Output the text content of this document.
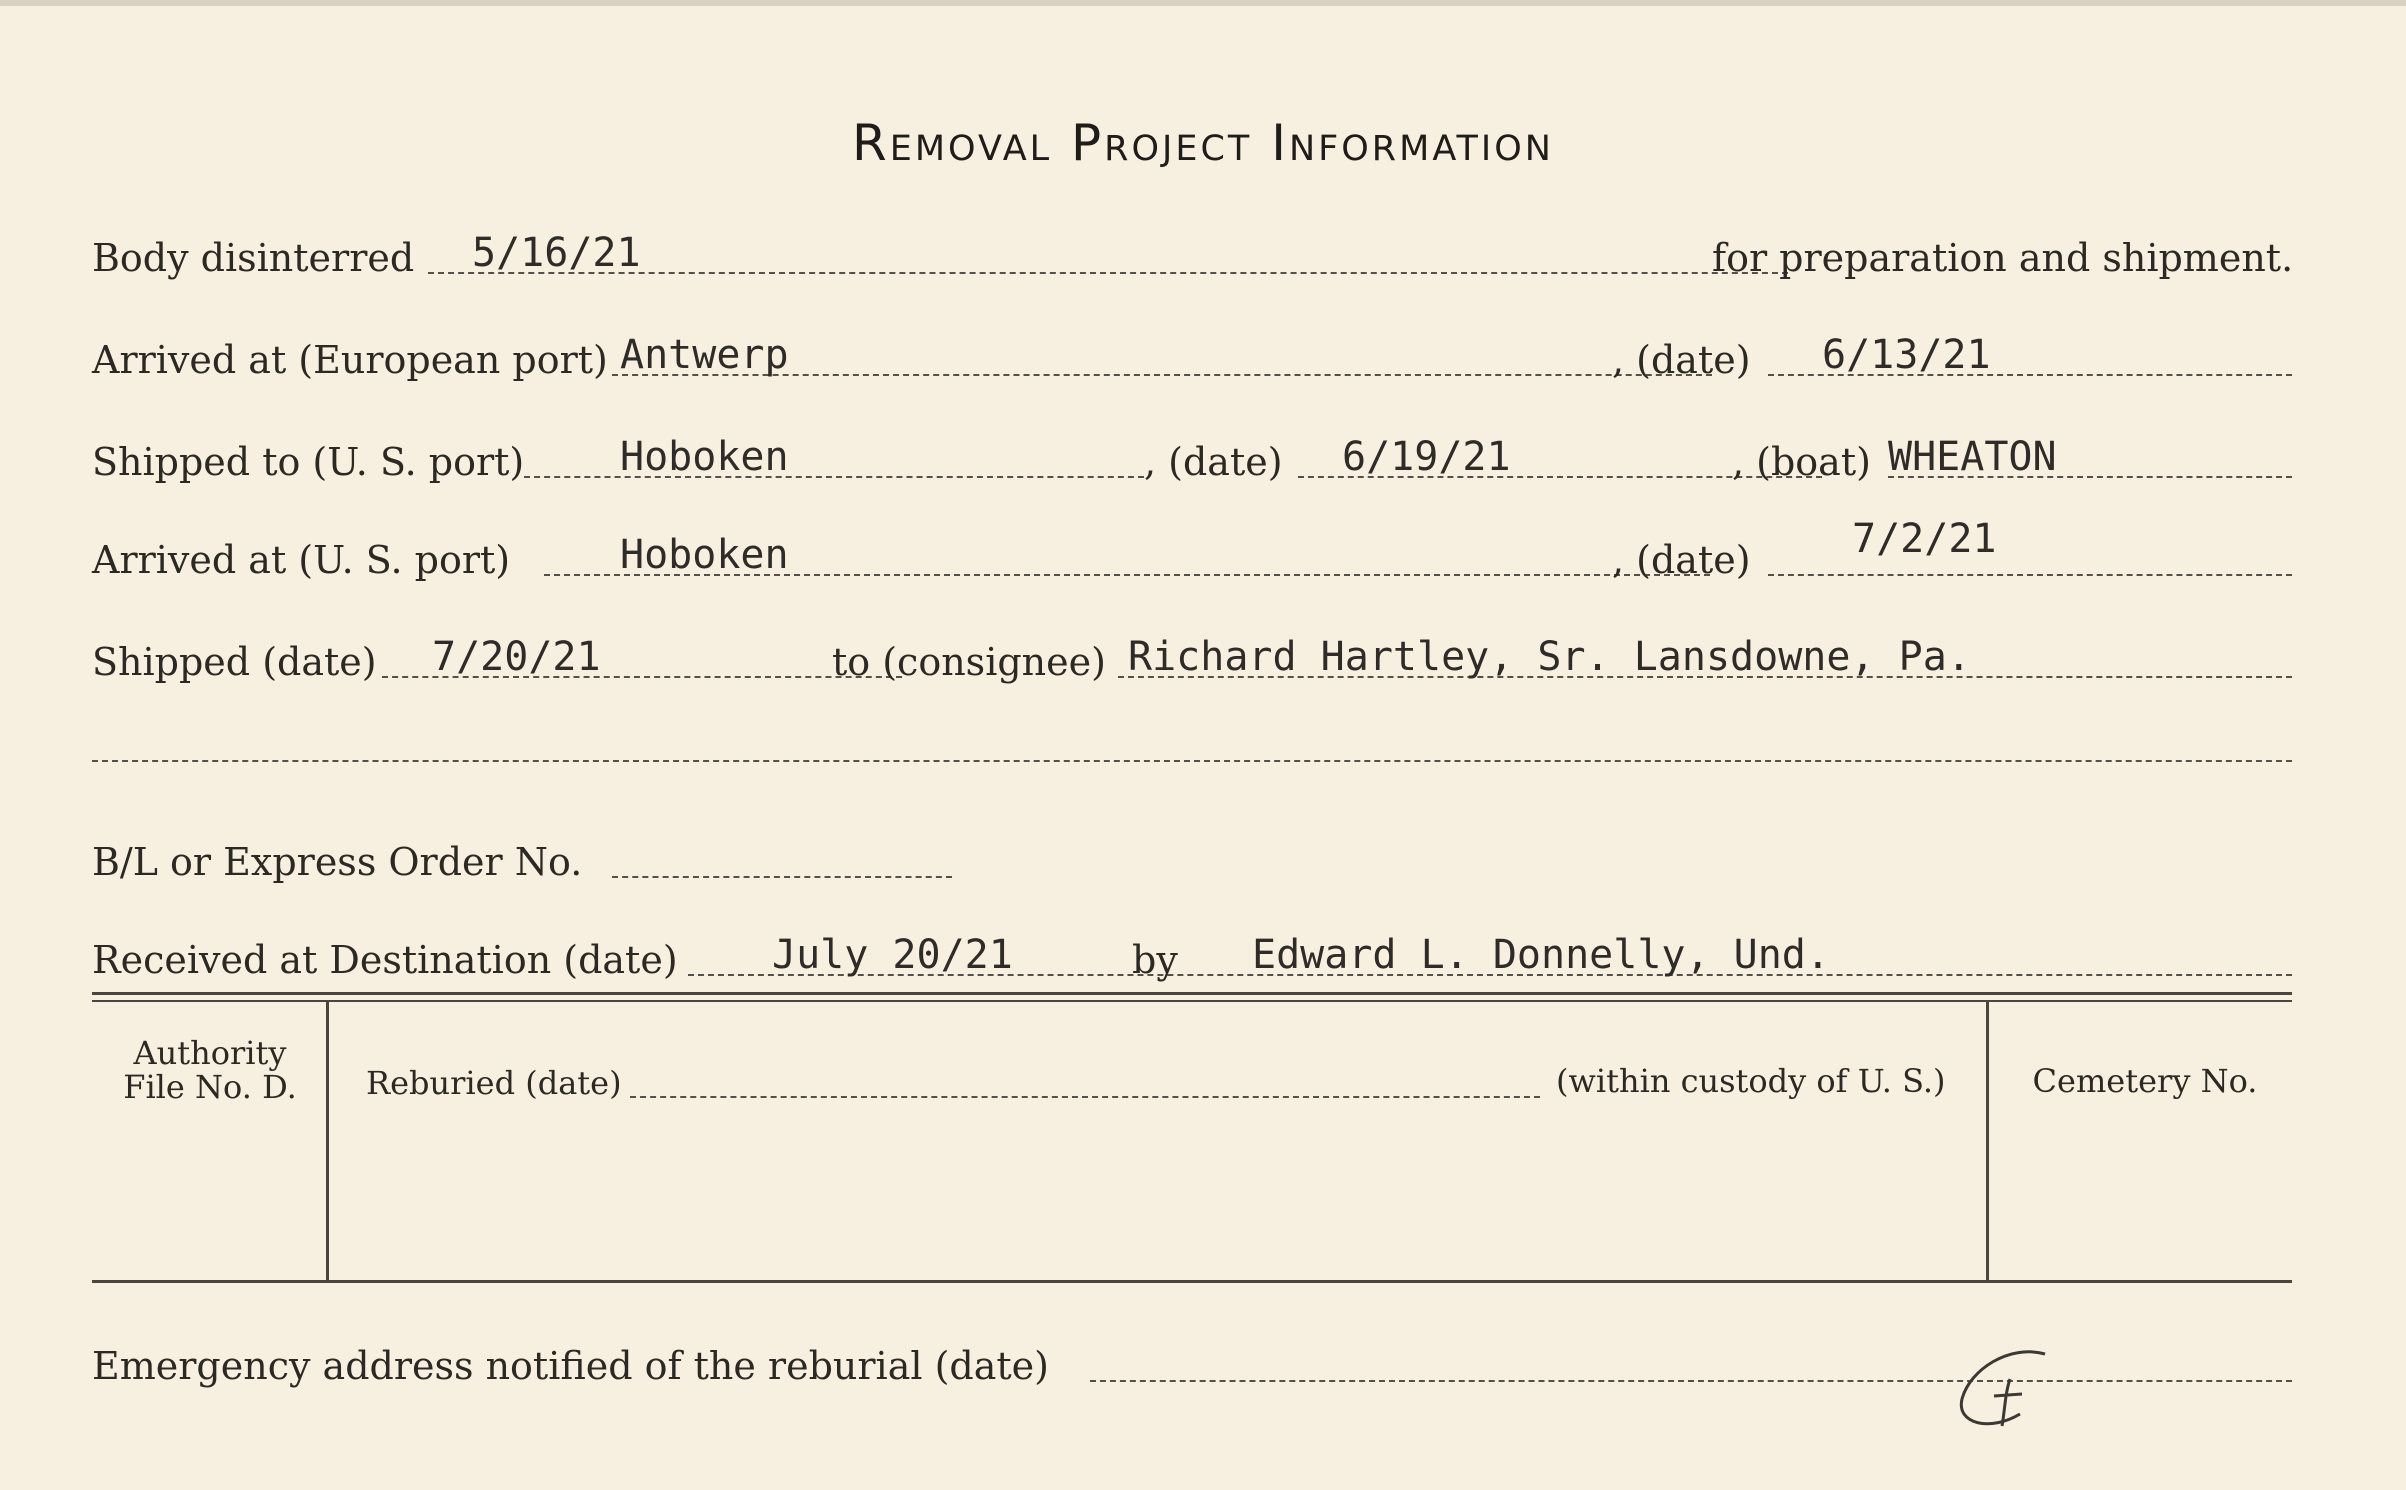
Removal Project Information
Body disinterred 5/16/21	for preparation and shipment.
Arrived at (European port) Antwerp	, (date) 6/13/21
Shipped to (U. S. port) Hoboken	, (date) 6/19/21	, (boat) WHEATON
Arrived at (U. S. port)	Hoboken	, (date)	7/2/21
Shipped (date) 7/20/21	to (consignee) Richard Hartley, Sr. Lansdowne, Pa.
B/L or Express Order No.
Received at Destination (date) July 20/21	by Edward L. Donnelly, Und.
Authority File No. D.	Reburied (date)	(within custody of U. S.)	Cemetery No.
Emergency address notified of the reburial (date)
